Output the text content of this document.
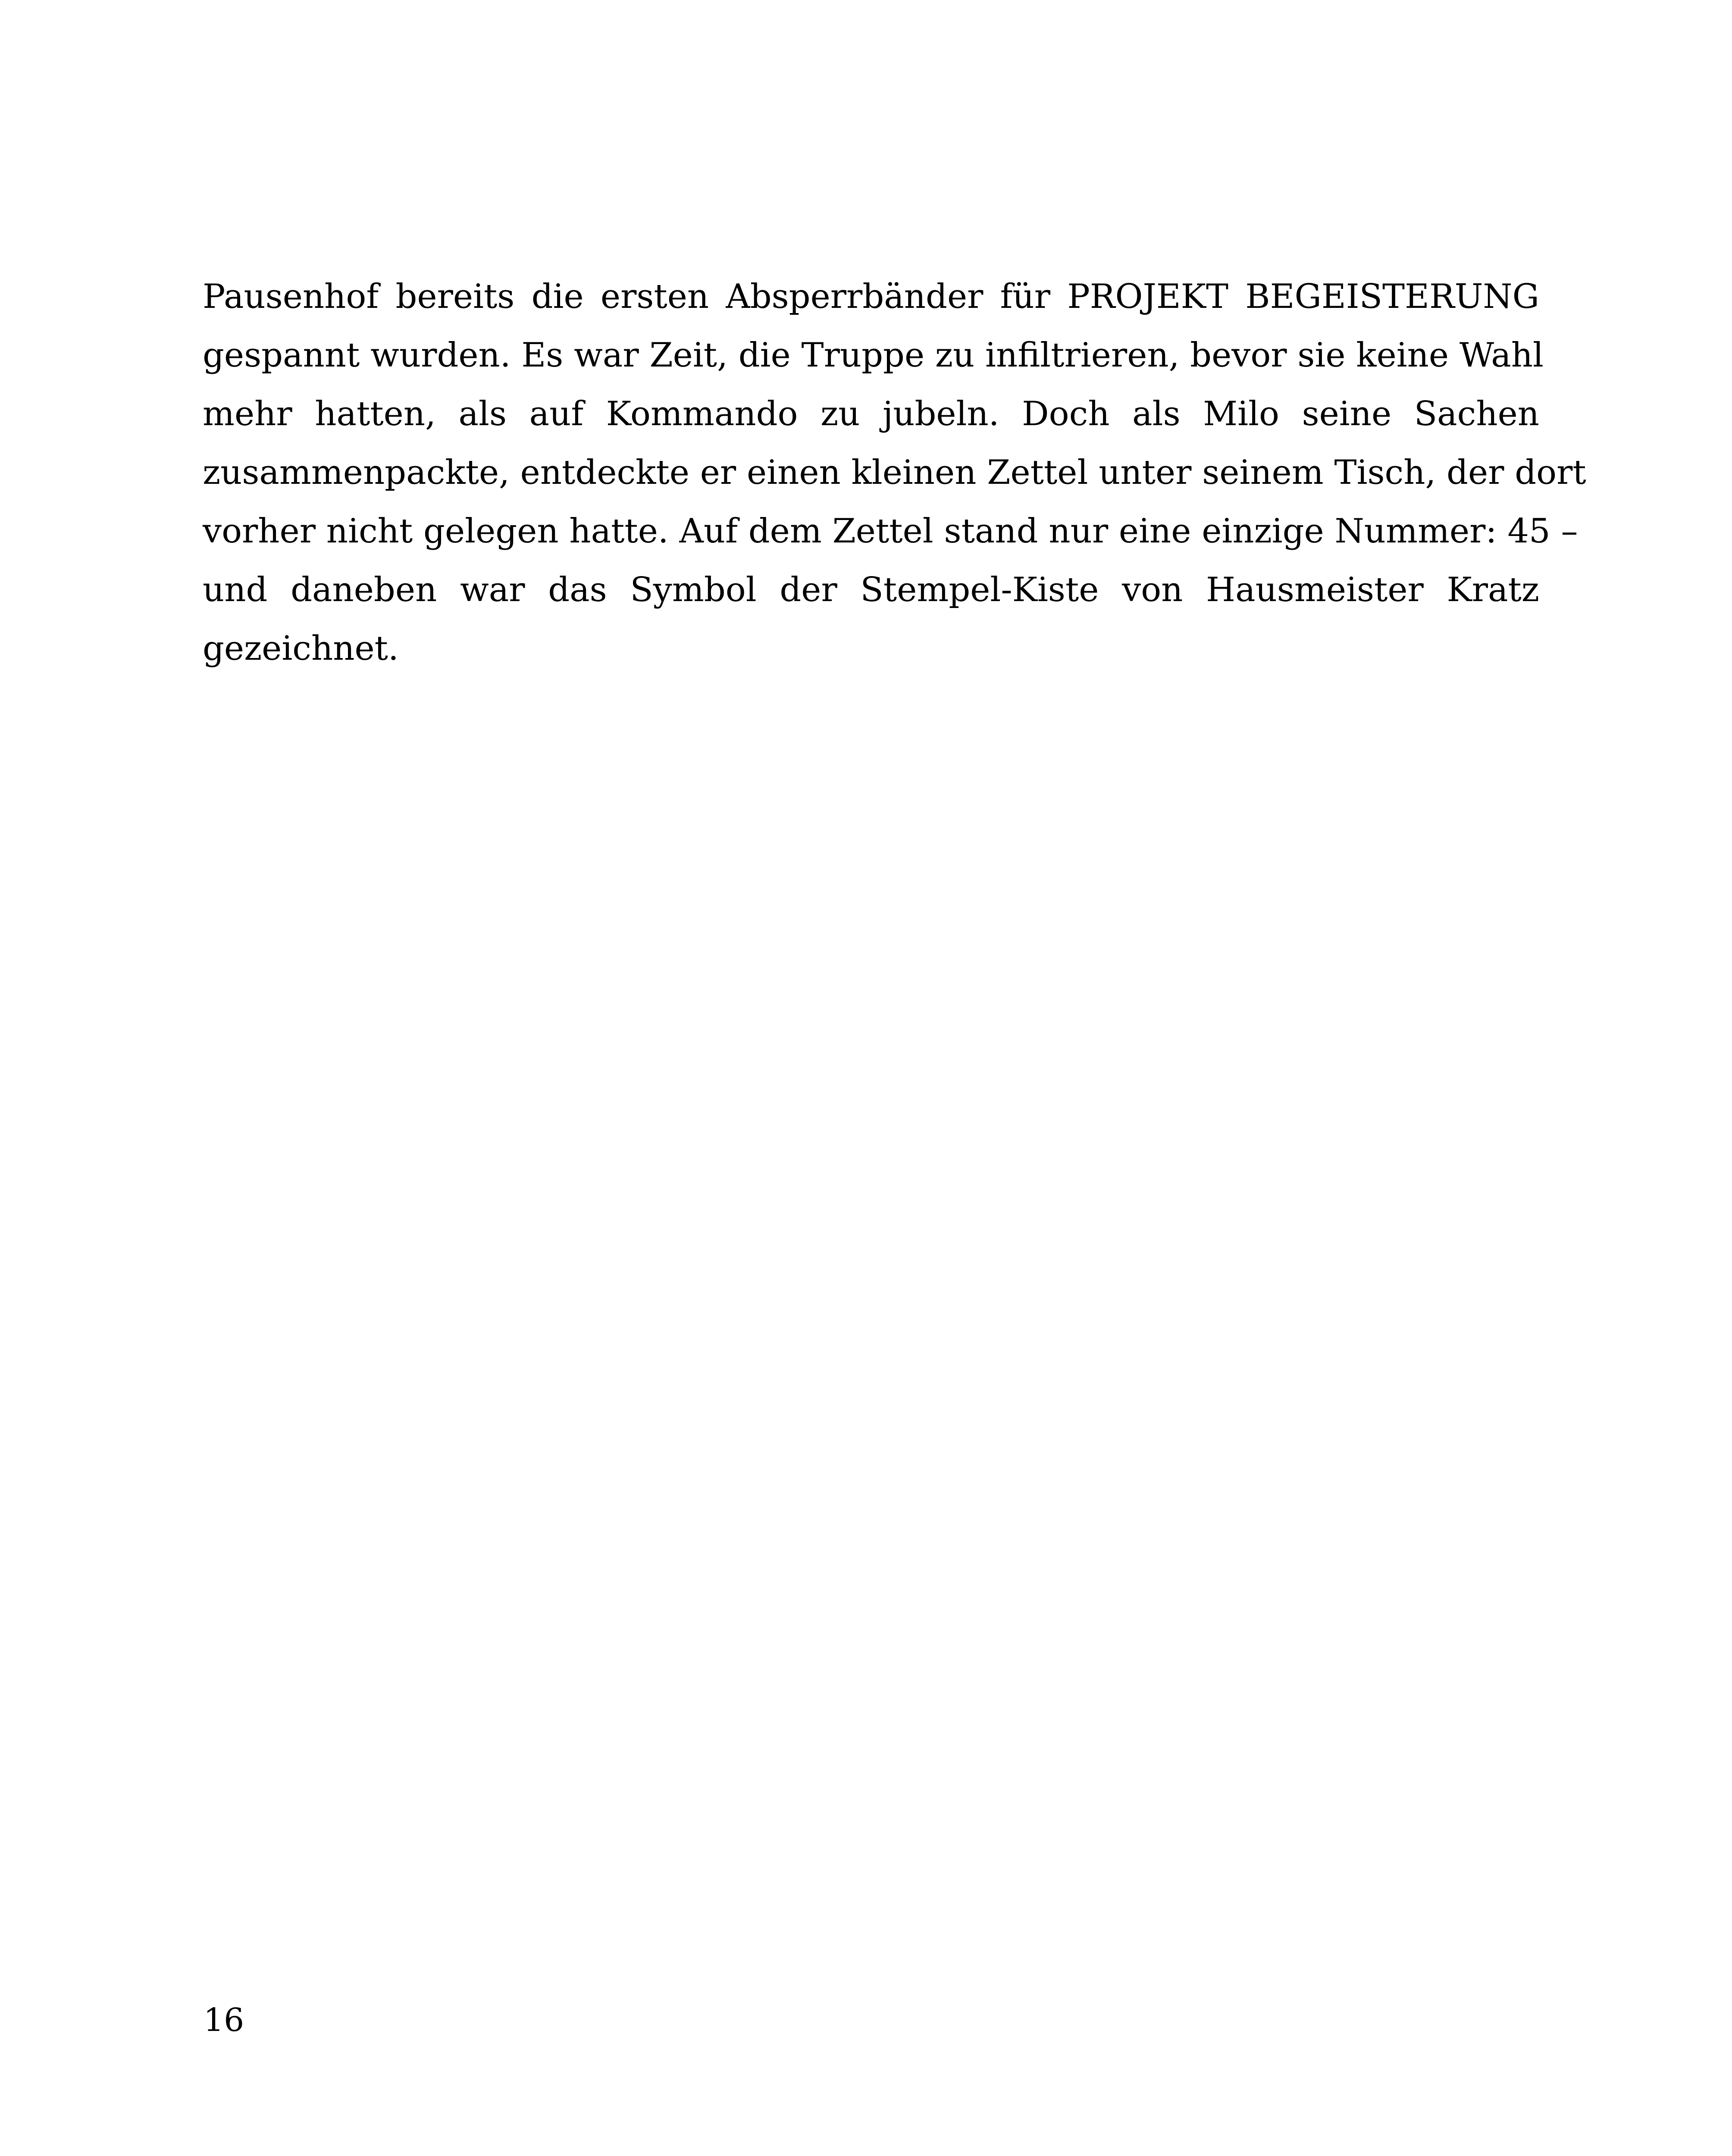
Pausenhof bereits die ersten Absperrbänder für PROJEKT BEGEISTERUNG
gespannt wurden. Es war Zeit, die Truppe zu infiltrieren, bevor sie keine Wahl
mehr hatten, als auf Kommando zu jubeln. Doch als Milo seine Sachen
zusammenpackte, entdeckte er einen kleinen Zettel unter seinem Tisch, der dort
vorher nicht gelegen hatte. Auf dem Zettel stand nur eine einzige Nummer: 45 –
und daneben war das Symbol der Stempel-Kiste von Hausmeister Kratz
gezeichnet.

16
